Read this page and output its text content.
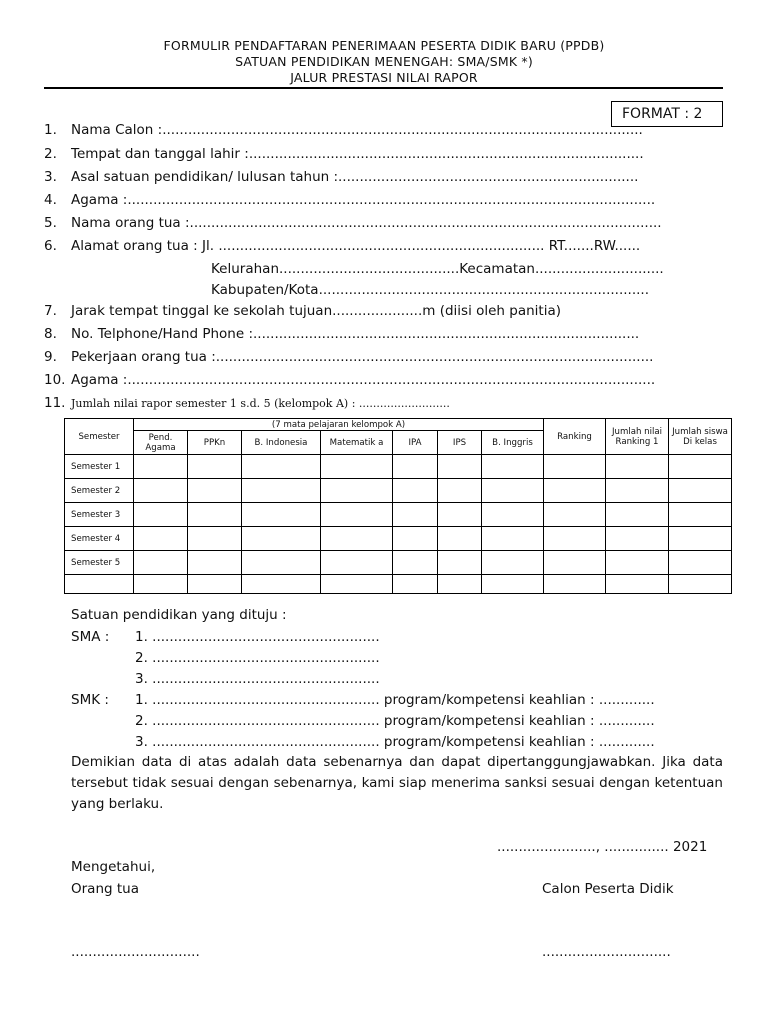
FORMULIR PENDAFTARAN PENERIMAAN PESERTA DIDIK BARU (PPDB)
SATUAN PENDIDIKAN MENENGAH: SMA/SMK *)
JALUR PRESTASI NILAI RAPOR
FORMAT : 2
1. Nama Calon :................................................................................................................
2. Tempat dan tanggal lahir :............................................................................................
3. Asal satuan pendidikan/ lulusan tahun :......................................................................
4. Agama :...........................................................................................................................
5. Nama orang tua :..............................................................................................................
6. Alamat orang tua : Jl. ............................................................................ RT.......RW......
Kelurahan..........................................Kecamatan..............................
Kabupaten/Kota.............................................................................
7. Jarak tempat tinggal ke sekolah tujuan.....................m (diisi oleh panitia)
8. No. Telphone/Hand Phone :..........................................................................................
9. Pekerjaan orang tua :......................................................................................................
10. Agama :...........................................................................................................................
11. Jumlah nilai rapor semester 1 s.d. 5 (kelompok A) : ..........................
Semester	(7 mata pelajaran kelompok A)							Ranking	Jumlah nilai Ranking 1	Jumlah siswa Di kelas
	Pend. Agama	PPKn	B. Indonesia	Matematik a	IPA	IPS	B. Inggris			
Semester 1										
Semester 2										
Semester 3										
Semester 4										
Semester 5										

Satuan pendidikan yang dituju :
SMA : 1. .....................................................
2. .....................................................
3. .....................................................
SMK : 1. ..................................................... program/kompetensi keahlian : .............
2. ..................................................... program/kompetensi keahlian : .............
3. ..................................................... program/kompetensi keahlian : .............
Demikian data di atas adalah data sebenarnya dan dapat dipertanggungjawabkan. Jika data tersebut tidak sesuai dengan sebenarnya, kami siap menerima sanksi sesuai dengan ketentuan yang berlaku.
......................., ............... 2021
Mengetahui,
Orang tua	Calon Peserta Didik
..............................	..............................
